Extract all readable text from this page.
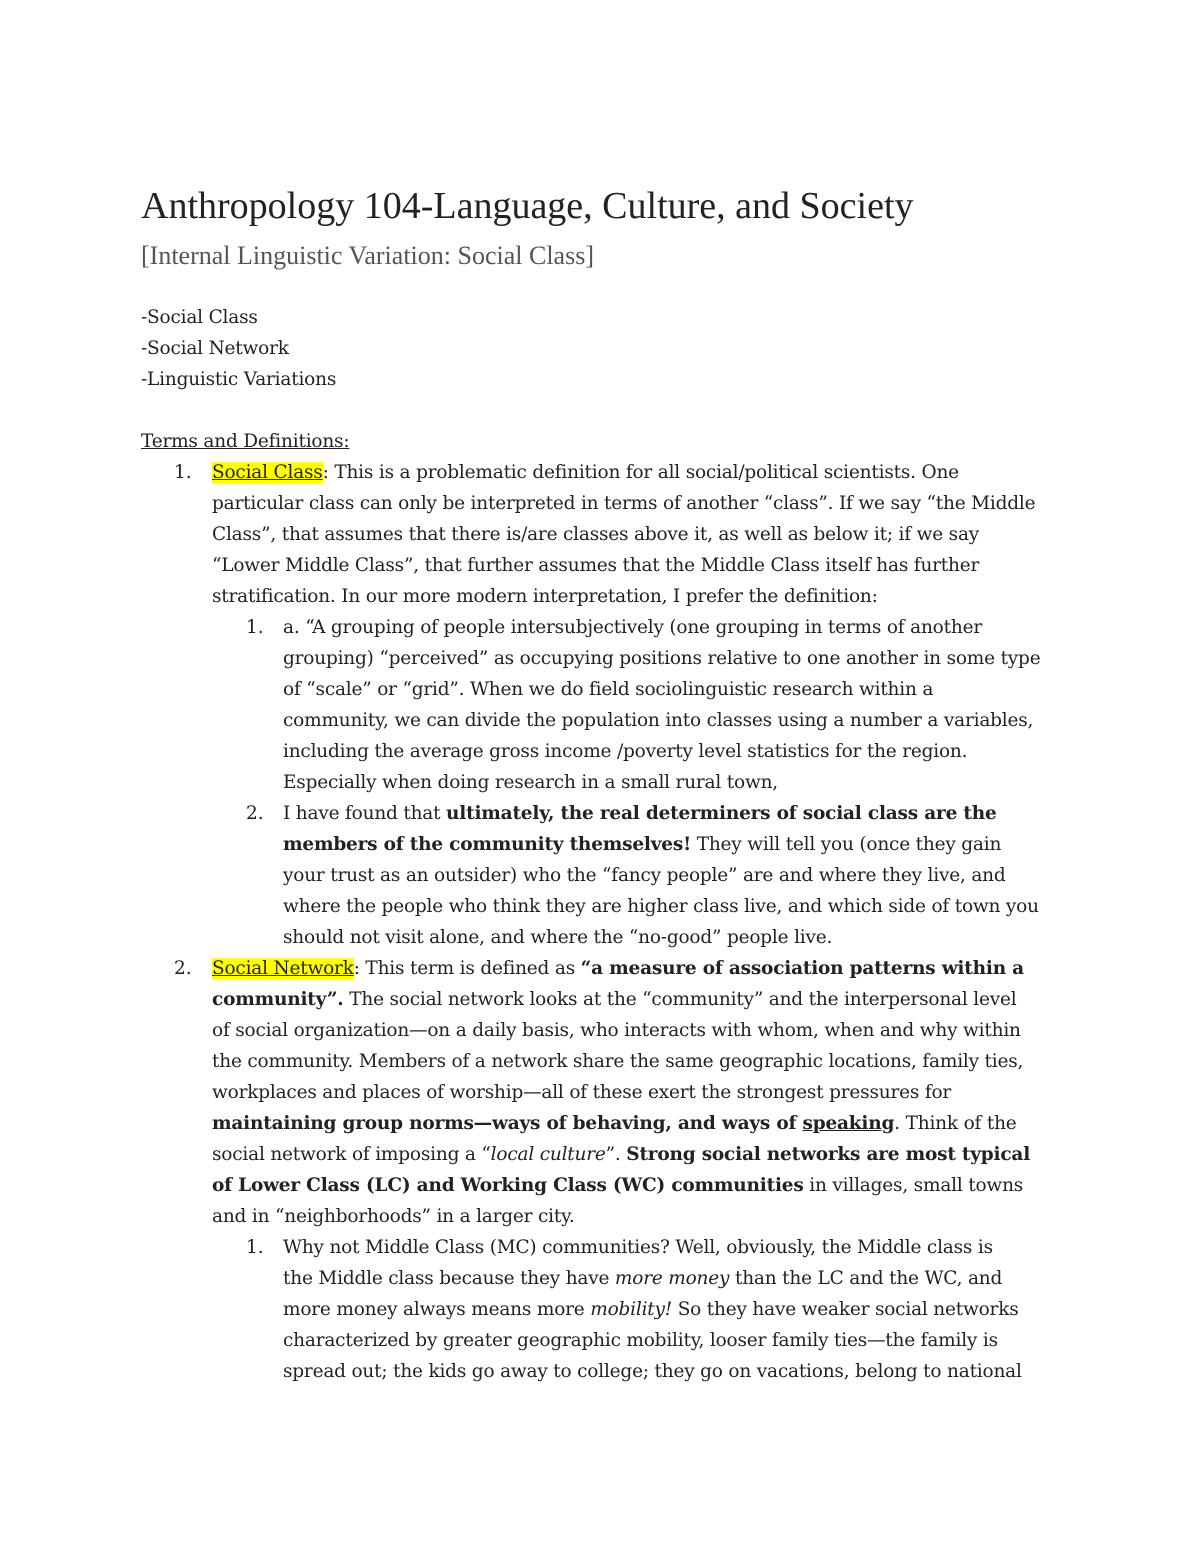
Anthropology 104-Language, Culture, and Society
[Internal Linguistic Variation: Social Class]
-Social Class
-Social Network
-Linguistic Variations
Terms and Definitions:
1.	Social Class: This is a problematic definition for all social/political scientists. One
particular class can only be interpreted in terms of another “class”. If we say “the Middle
Class”, that assumes that there is/are classes above it, as well as below it; if we say
“Lower Middle Class”, that further assumes that the Middle Class itself has further
stratification. In our more modern interpretation, I prefer the definition:
1. a. “A grouping of people intersubjectively (one grouping in terms of another
grouping) “perceived” as occupying positions relative to one another in some type
of “scale” or “grid”. When we do field sociolinguistic research within a
community, we can divide the population into classes using a number a variables,
including the average gross income /poverty level statistics for the region.
Especially when doing research in a small rural town,
2. I have found that ultimately, the real determiners of social class are the
members of the community themselves! They will tell you (once they gain
your trust as an outsider) who the “fancy people” are and where they live, and
where the people who think they are higher class live, and which side of town you
should not visit alone, and where the “no-good” people live.
2.	Social Network: This term is defined as “a measure of association patterns within a
community”. The social network looks at the “community” and the interpersonal level
of social organization—on a daily basis, who interacts with whom, when and why within
the community. Members of a network share the same geographic locations, family ties,
workplaces and places of worship—all of these exert the strongest pressures for
maintaining group norms—ways of behaving, and ways of speaking. Think of the
social network of imposing a “local culture”. Strong social networks are most typical
of Lower Class (LC) and Working Class (WC) communities in villages, small towns
and in “neighborhoods” in a larger city.
1. Why not Middle Class (MC) communities? Well, obviously, the Middle class is
the Middle class because they have more money than the LC and the WC, and
more money always means more mobility! So they have weaker social networks
characterized by greater geographic mobility, looser family ties—the family is
spread out; the kids go away to college; they go on vacations, belong to national
